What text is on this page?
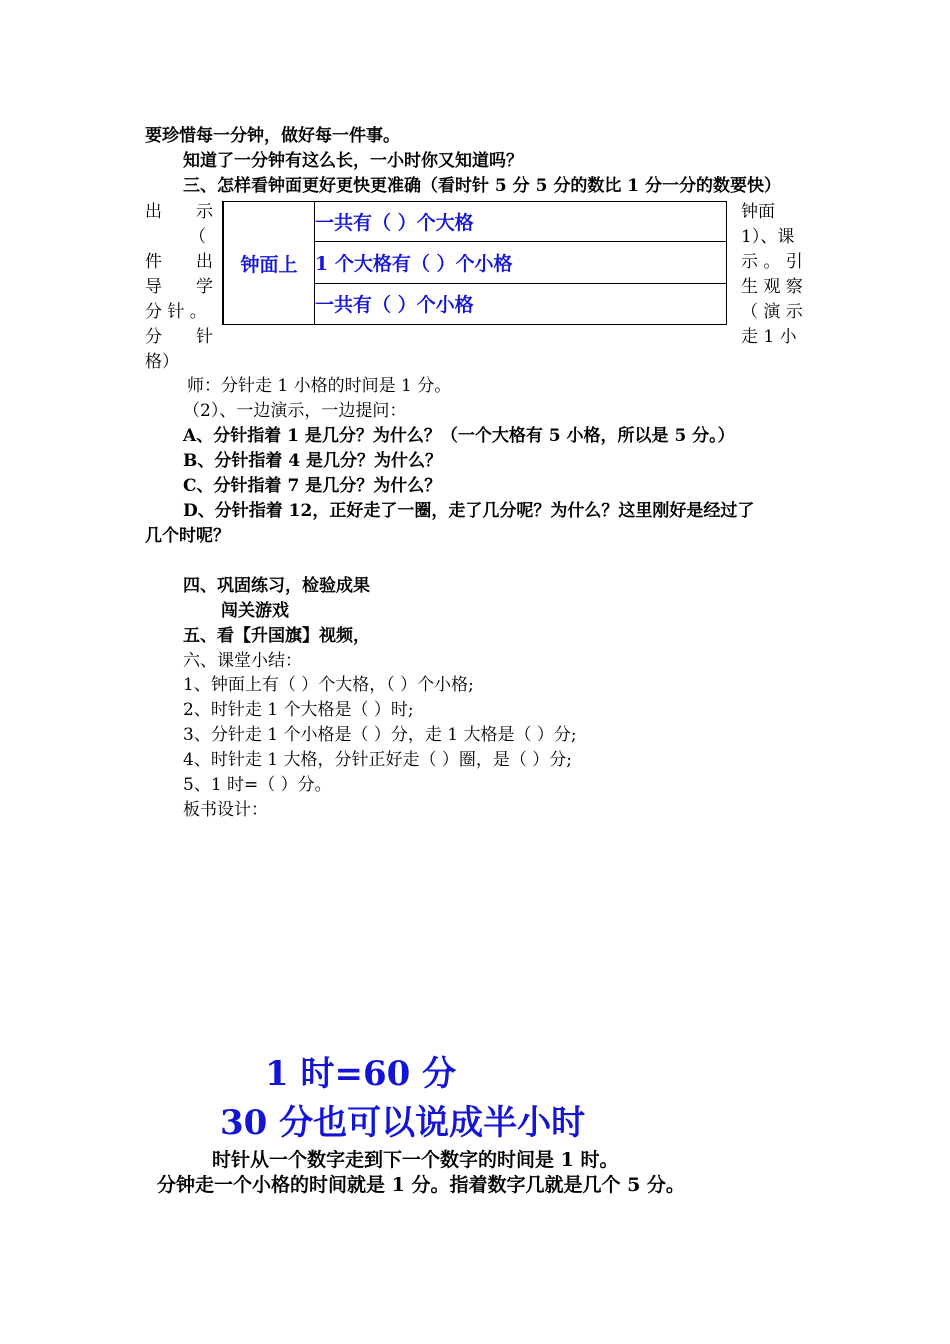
要珍惜每一分钟，做好每一件事。
知道了一分钟有这么长，一小时你又知道吗？
三、怎样看钟面更好更快更准确（看时针 5 分 5 分的数比 1 分一分的数要快）
出 示
（
件 出
导 学
分 针 。
分 针
格）
钟面上
一共有（ ）个大格
1 个大格有（ ）个小格
一共有（ ）个小格
钟面
1）、课
示 。 引
生 观 察
（ 演 示
走 1 小
师：分针走 1 小格的时间是 1 分。
（2）、一边演示，一边提问：
A、分针指着 1 是几分？为什么？（一个大格有 5 小格，所以是 5 分。）
B、分针指着 4 是几分？为什么？
C、分针指着 7 是几分？为什么？
D、分针指着 12，正好走了一圈，走了几分呢？为什么？这里刚好是经过了
几个时呢？
四、巩固练习，检验成果
闯关游戏
五、看【升国旗】视频，
六、课堂小结：
1、钟面上有（ ）个大格，（ ）个小格;
2、时针走 1 个大格是（ ）时;
3、分针走 1 个小格是（ ）分，走 1 大格是（ ）分;
4、时针走 1 大格，分针正好走（ ）圈，是（ ）分;
5、1 时=（ ）分。
板书设计：
1 时=60 分
30 分也可以说成半小时
时针从一个数字走到下一个数字的时间是 1 时。
分钟走一个小格的时间就是 1 分。指着数字几就是几个 5 分。
